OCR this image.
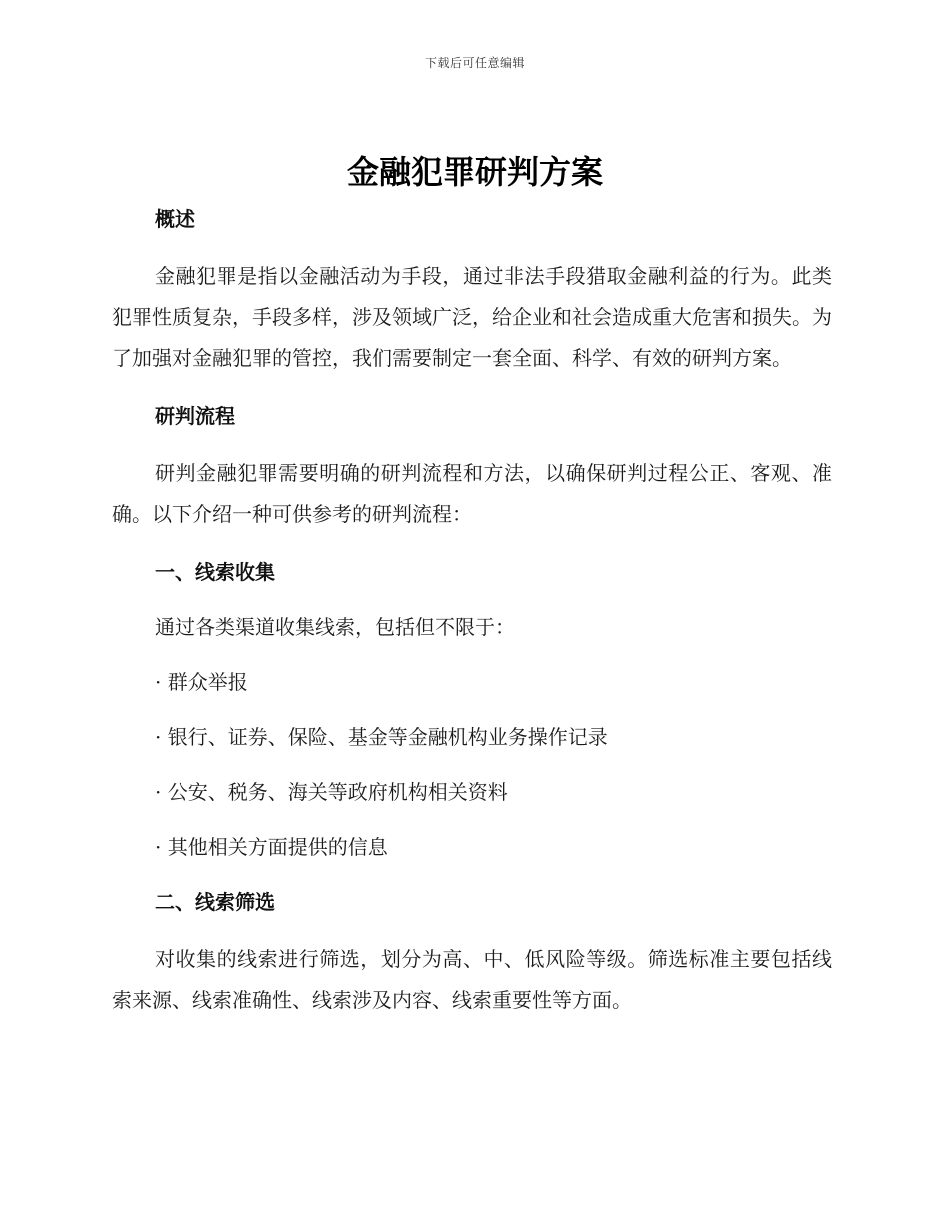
下载后可任意编辑
金融犯罪研判方案

概述

金融犯罪是指以金融活动为手段，通过非法手段猎取金融利益的行为。此类犯罪性质复杂，手段多样，涉及领域广泛，给企业和社会造成重大危害和损失。为了加强对金融犯罪的管控，我们需要制定一套全面、科学、有效的研判方案。

研判流程

研判金融犯罪需要明确的研判流程和方法，以确保研判过程公正、客观、准确。以下介绍一种可供参考的研判流程：

一、线索收集

通过各类渠道收集线索，包括但不限于：

· 群众举报

· 银行、证券、保险、基金等金融机构业务操作记录

· 公安、税务、海关等政府机构相关资料

· 其他相关方面提供的信息

二、线索筛选

对收集的线索进行筛选，划分为高、中、低风险等级。筛选标准主要包括线索来源、线索准确性、线索涉及内容、线索重要性等方面。
